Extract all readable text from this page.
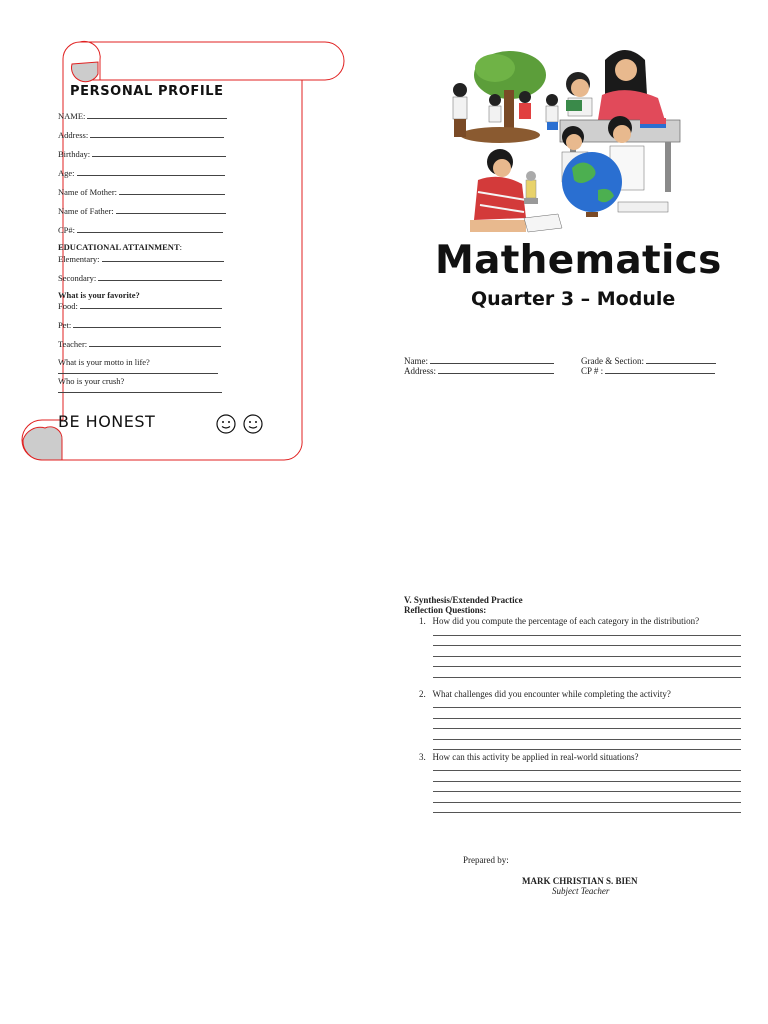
PERSONAL PROFILE
NAME:
Address:
Birthday:
Age:
Name of Mother:
Name of Father:
CP#:
EDUCATIONAL ATTAINMENT:
Elementary:
Secondary:
What is your favorite?
Food:
Pet:
Teacher:
What is your motto in life?
Who is your crush?
BE HONEST
Mathematics
Quarter 3 – Module
Name:
Address:
Grade & Section:
CP # :
V. Synthesis/Extended Practice
Reflection Questions:
1. How did you compute the percentage of each category in the distribution?
2. What challenges did you encounter while completing the activity?
3. How can this activity be applied in real-world situations?
Prepared by:
MARK CHRISTIAN S. BIEN
Subject Teacher
